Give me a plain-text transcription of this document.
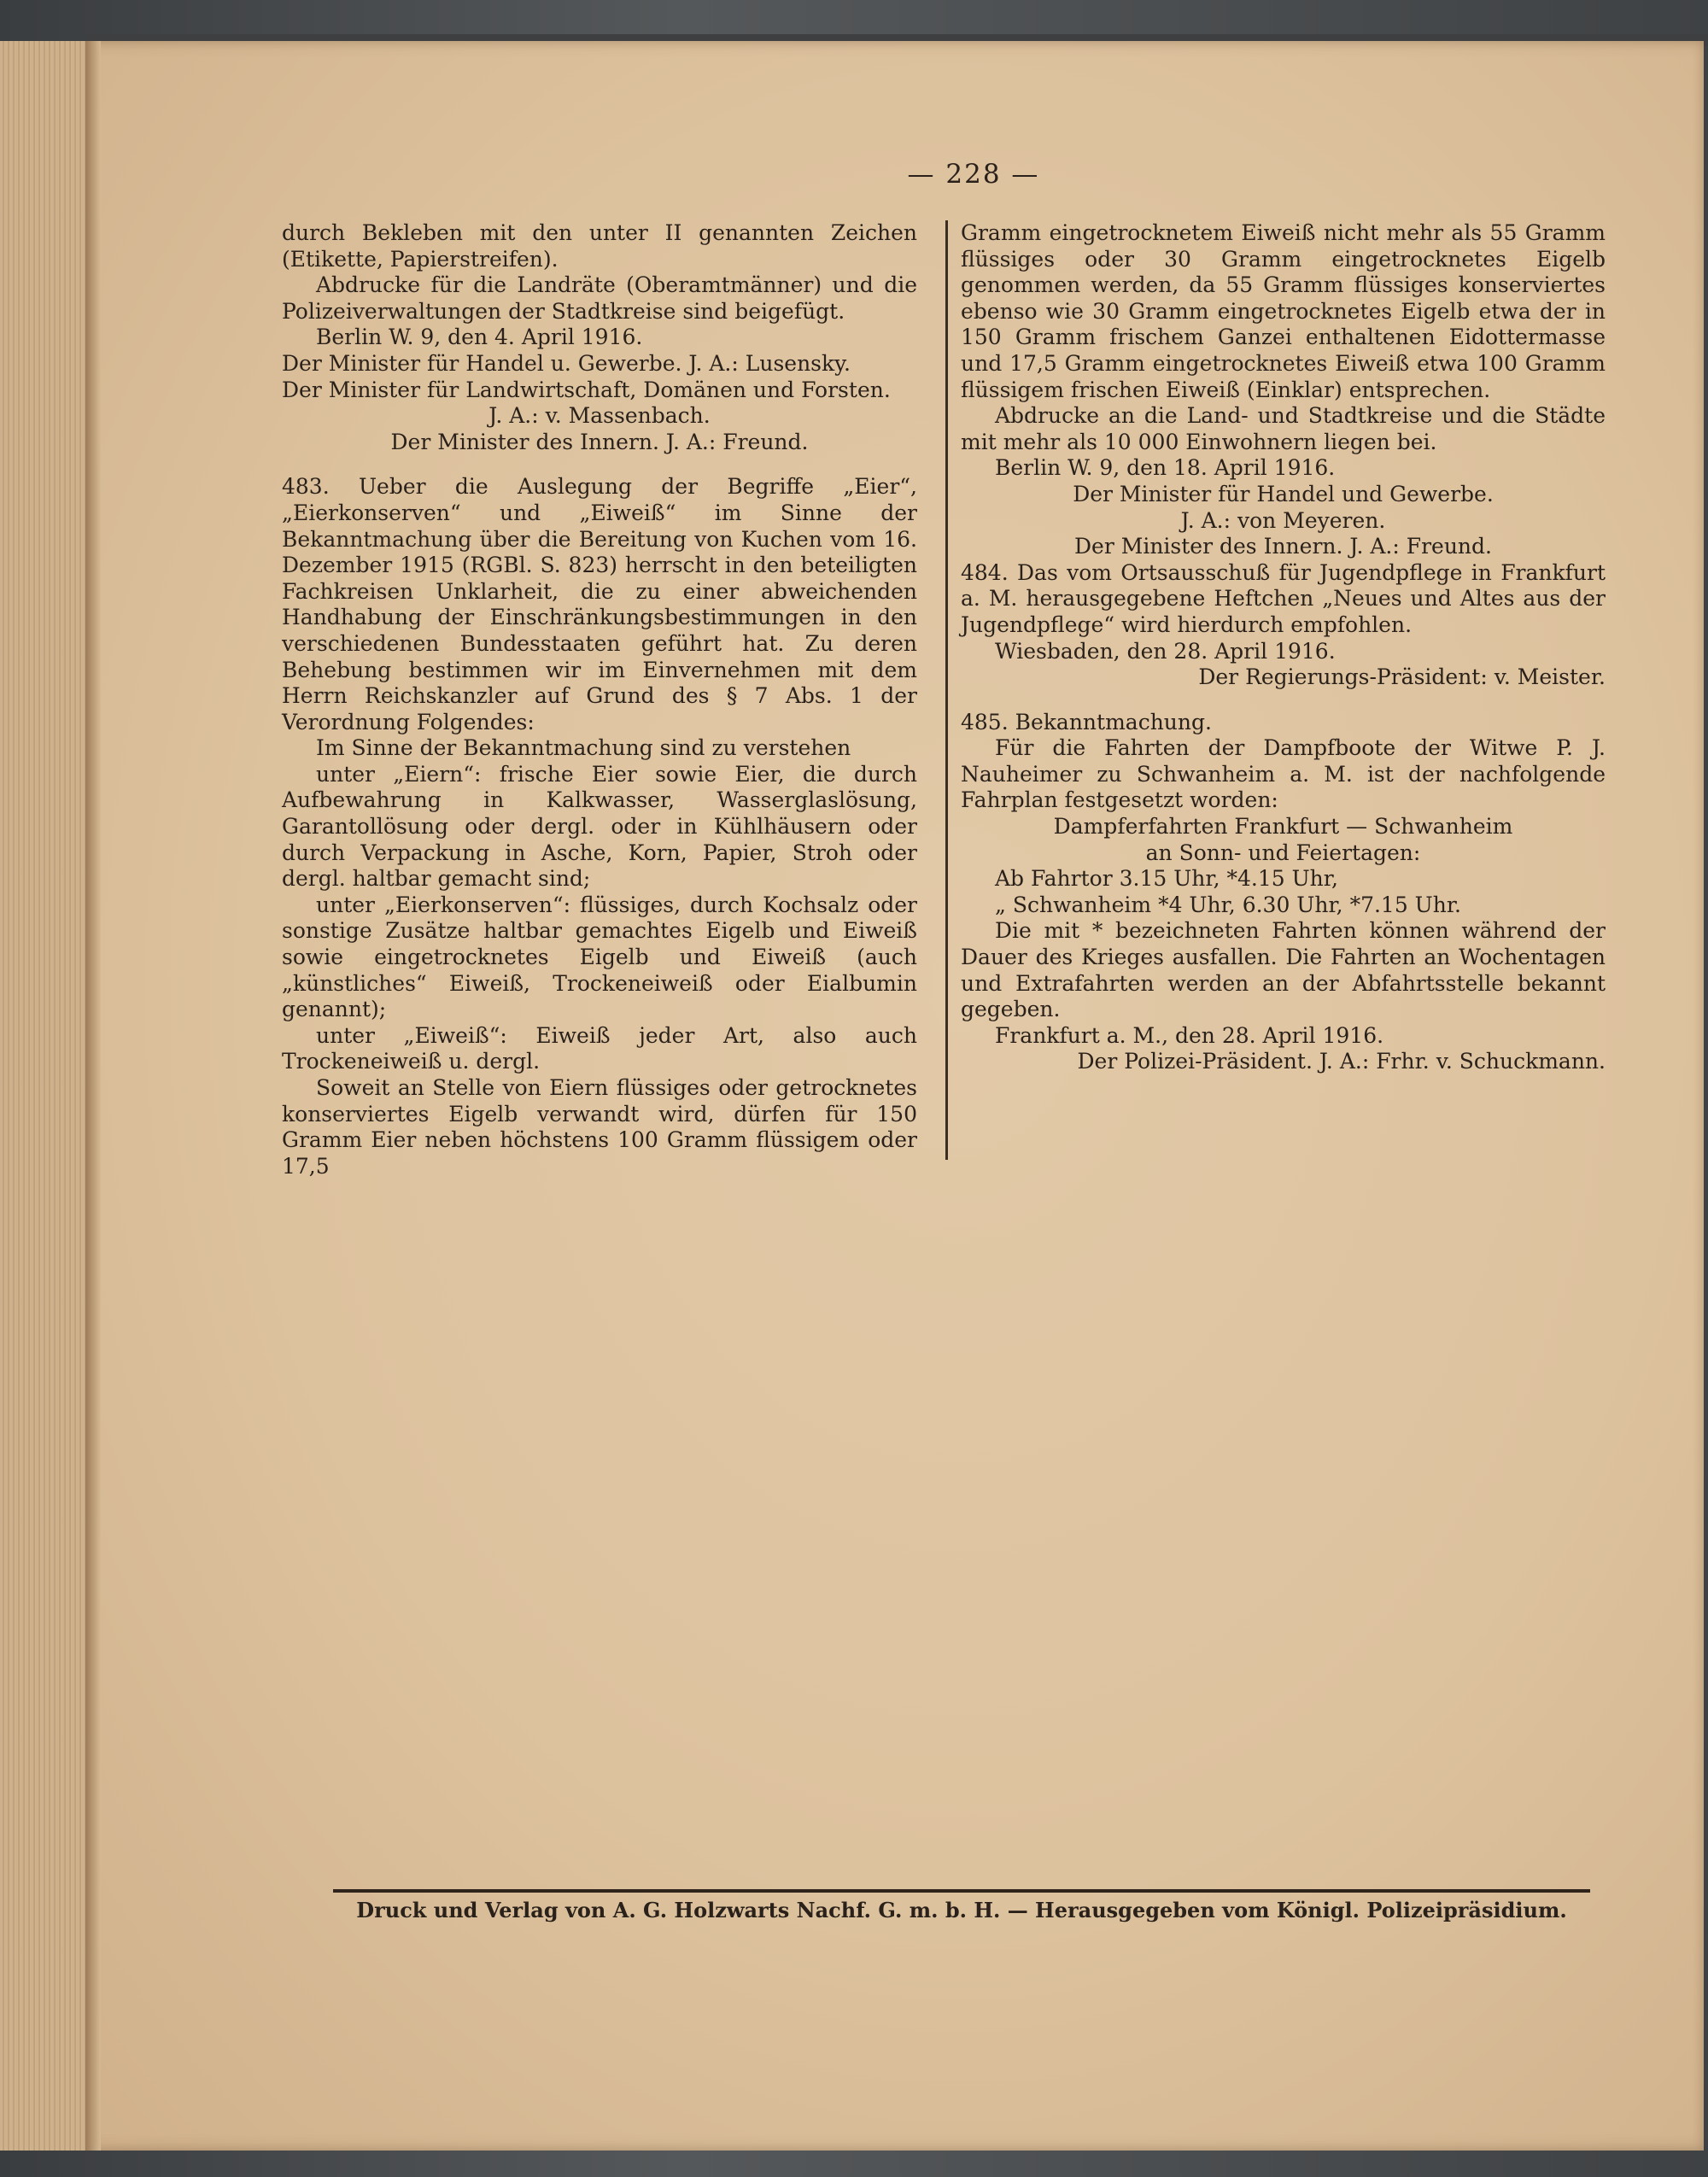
— 228 —

durch Bekleben mit den unter II genannten Zeichen (Etikette, Papierstreifen).

Abdrucke für die Landräte (Oberamtmänner) und die Polizeiverwaltungen der Stadtkreise sind beigefügt.

Berlin W. 9, den 4. April 1916.

Der Minister für Handel u. Gewerbe. J. A.: Lusensky.

Der Minister für Landwirtschaft, Domänen und Forsten.

J. A.: v. Massenbach.

Der Minister des Innern. J. A.: Freund.

483. Ueber die Auslegung der Begriffe „Eier“, „Eierkonserven“ und „Eiweiß“ im Sinne der Bekanntmachung über die Bereitung von Kuchen vom 16. Dezember 1915 (RGBl. S. 823) herrscht in den beteiligten Fachkreisen Unklarheit, die zu einer abweichenden Handhabung der Einschränkungsbestimmungen in den verschiedenen Bundesstaaten geführt hat. Zu deren Behebung bestimmen wir im Einvernehmen mit dem Herrn Reichskanzler auf Grund des § 7 Abs. 1 der Verordnung Folgendes:

Im Sinne der Bekanntmachung sind zu verstehen

unter „Eiern“: frische Eier sowie Eier, die durch Aufbewahrung in Kalkwasser, Wasserglaslösung, Garantollösung oder dergl. oder in Kühlhäusern oder durch Verpackung in Asche, Korn, Papier, Stroh oder dergl. haltbar gemacht sind;

unter „Eierkonserven“: flüssiges, durch Kochsalz oder sonstige Zusätze haltbar gemachtes Eigelb und Eiweiß sowie eingetrocknetes Eigelb und Eiweiß (auch „künstliches“ Eiweiß, Trockeneiweiß oder Eialbumin genannt);

unter „Eiweiß“: Eiweiß jeder Art, also auch Trockeneiweiß u. dergl.

Soweit an Stelle von Eiern flüssiges oder getrocknetes konserviertes Eigelb verwandt wird, dürfen für 150 Gramm Eier neben höchstens 100 Gramm flüssigem oder 17,5

Gramm eingetrocknetem Eiweiß nicht mehr als 55 Gramm flüssiges oder 30 Gramm eingetrocknetes Eigelb genommen werden, da 55 Gramm flüssiges konserviertes ebenso wie 30 Gramm eingetrocknetes Eigelb etwa der in 150 Gramm frischem Ganzei enthaltenen Eidottermasse und 17,5 Gramm eingetrocknetes Eiweiß etwa 100 Gramm flüssigem frischen Eiweiß (Einklar) entsprechen.

Abdrucke an die Land- und Stadtkreise und die Städte mit mehr als 10 000 Einwohnern liegen bei.

Berlin W. 9, den 18. April 1916.

Der Minister für Handel und Gewerbe.

J. A.: von Meyeren.

Der Minister des Innern. J. A.: Freund.

484. Das vom Ortsausschuß für Jugendpflege in Frankfurt a. M. herausgegebene Heftchen „Neues und Altes aus der Jugendpflege“ wird hierdurch empfohlen.

Wiesbaden, den 28. April 1916.

Der Regierungs-Präsident: v. Meister.

485. Bekanntmachung.

Für die Fahrten der Dampfboote der Witwe P. J. Nauheimer zu Schwanheim a. M. ist der nachfolgende Fahrplan festgesetzt worden:

Dampferfahrten Frankfurt — Schwanheim

an Sonn- und Feiertagen:

Ab Fahrtor 3.15 Uhr, *4.15 Uhr,

„ Schwanheim *4 Uhr, 6.30 Uhr, *7.15 Uhr.

Die mit * bezeichneten Fahrten können während der Dauer des Krieges ausfallen. Die Fahrten an Wochentagen und Extrafahrten werden an der Abfahrtsstelle bekannt gegeben.

Frankfurt a. M., den 28. April 1916.

Der Polizei-Präsident. J. A.: Frhr. v. Schuckmann.

Druck und Verlag von A. G. Holzwarts Nachf. G. m. b. H. — Herausgegeben vom Königl. Polizeipräsidium.
